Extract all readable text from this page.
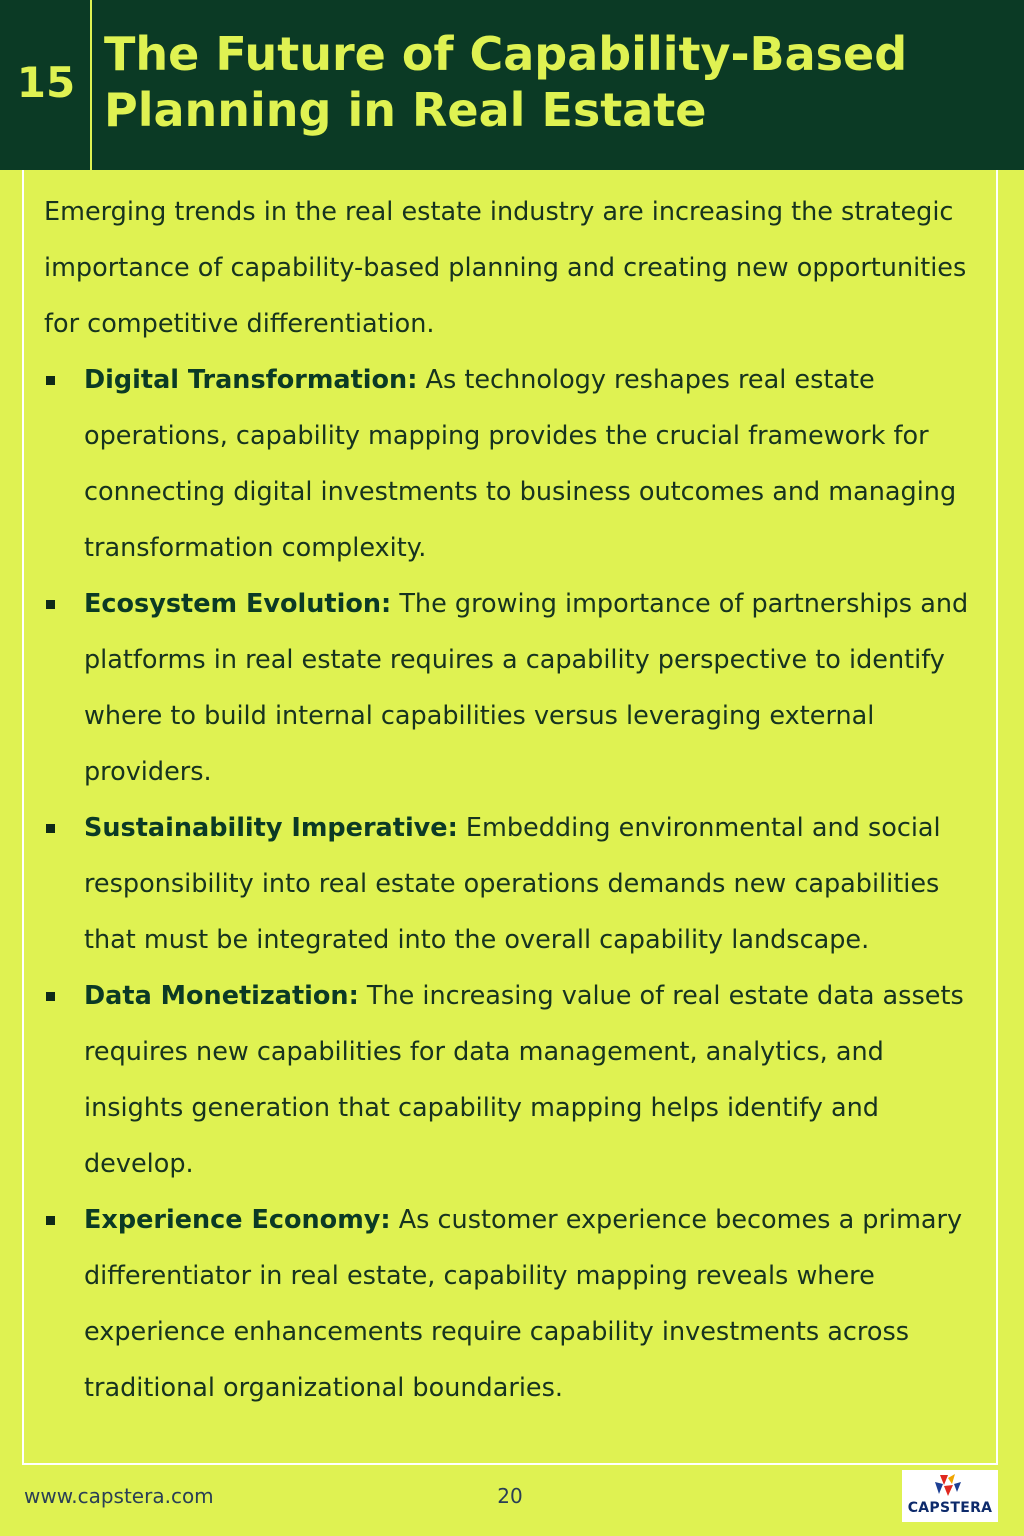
15
The Future of Capability-Based Planning in Real Estate

Emerging trends in the real estate industry are increasing the strategic importance of capability-based planning and creating new opportunities for competitive differentiation.

Digital Transformation: As technology reshapes real estate operations, capability mapping provides the crucial framework for connecting digital investments to business outcomes and managing transformation complexity.
Ecosystem Evolution: The growing importance of partnerships and platforms in real estate requires a capability perspective to identify where to build internal capabilities versus leveraging external providers.
Sustainability Imperative: Embedding environmental and social responsibility into real estate operations demands new capabilities that must be integrated into the overall capability landscape.
Data Monetization: The increasing value of real estate data assets requires new capabilities for data management, analytics, and insights generation that capability mapping helps identify and develop.
Experience Economy: As customer experience becomes a primary differentiator in real estate, capability mapping reveals where experience enhancements require capability investments across traditional organizational boundaries.
www.capstera.com	20	CAPSTERA
